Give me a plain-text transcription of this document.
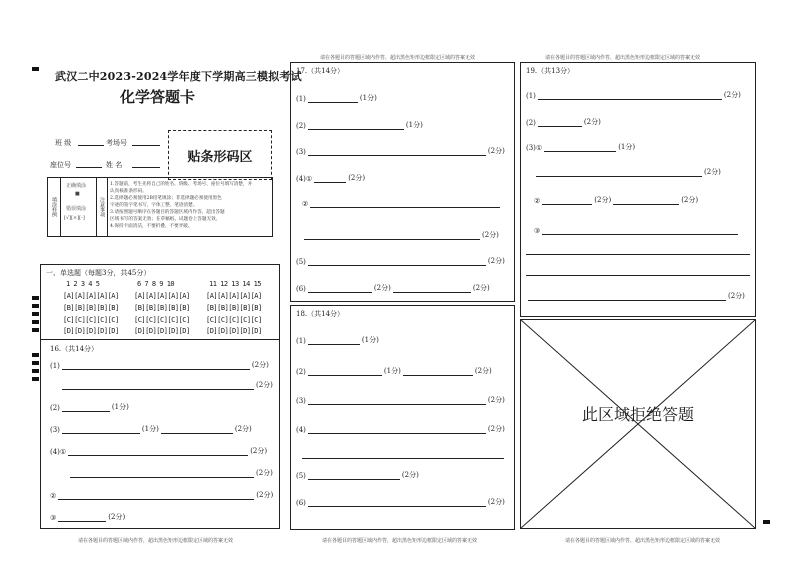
请在各题目的答题区域内作答，超出黑色矩形边框限定区域的答案无效	请在各题目的答题区域内作答，超出黑色矩形边框限定区域的答案无效
武汉二中2023-2024学年度下学期高三模拟考试
化学答题卡
班 级	考场号
座位号	姓 名	贴条形码区
填涂样例
正确填涂
■
错误填涂
[√][×][-]
注意事项
1.答题前，考生先将自己的姓名、班级、考场号、座位号填写清楚，并
认真核准条形码。
2.选择题必须使用2B铅笔填涂；非选择题必须使用黑色
字迹的签字笔书写，字体工整、笔迹清楚。
3.请按照题号顺序在各题目的答题区域内作答，超出答题
区域书写的答案无效；在草稿纸、试题卷上答题无效。
4.保持卡面清洁，不要折叠、不要弄破。
一、单选题（每题3分，共45分）
1 2 3 4 5
[A][A][A][A][A]
[B][B][B][B][B]
[C][C][C][C][C]
[D][D][D][D][D]
6 7 8 9 10
[A][A][A][A][A]
[B][B][B][B][B]
[C][C][C][C][C]
[D][D][D][D][D]
11 12 13 14 15
[A][A][A][A][A]
[B][B][B][B][B]
[C][C][C][C][C]
[D][D][D][D][D]
16.（共14分）
(1)	(2分)
(2分)
(2)	(1分)
(3)	(1分)	(2分)
(4)①	(2分)
(2分)
②	(2分)
③	(2分)
17.（共14分）
(1)	(1分)
(2)	(1分)
(3)	(2分)
(4)①	(2分)
②
(2分)
(5)	(2分)
(6)	(2分)	(2分)
18.（共14分）
(1)	(1分)
(2)	(1分)	(2分)
(3)	(2分)
(4)	(2分)
(5)	(2分)
(6)	(2分)
19.（共13分）
(1)	(2分)
(2)	(2分)
(3)①	(1分)
(2分)
②	(2分)	(2分)
③
(2分)
此区域拒绝答题
请在各题目的答题区域内作答，超出黑色矩形边框限定区域的答案无效	请在各题目的答题区域内作答，超出黑色矩形边框限定区域的答案无效	请在各题目的答题区域内作答，超出黑色矩形边框限定区域的答案无效
